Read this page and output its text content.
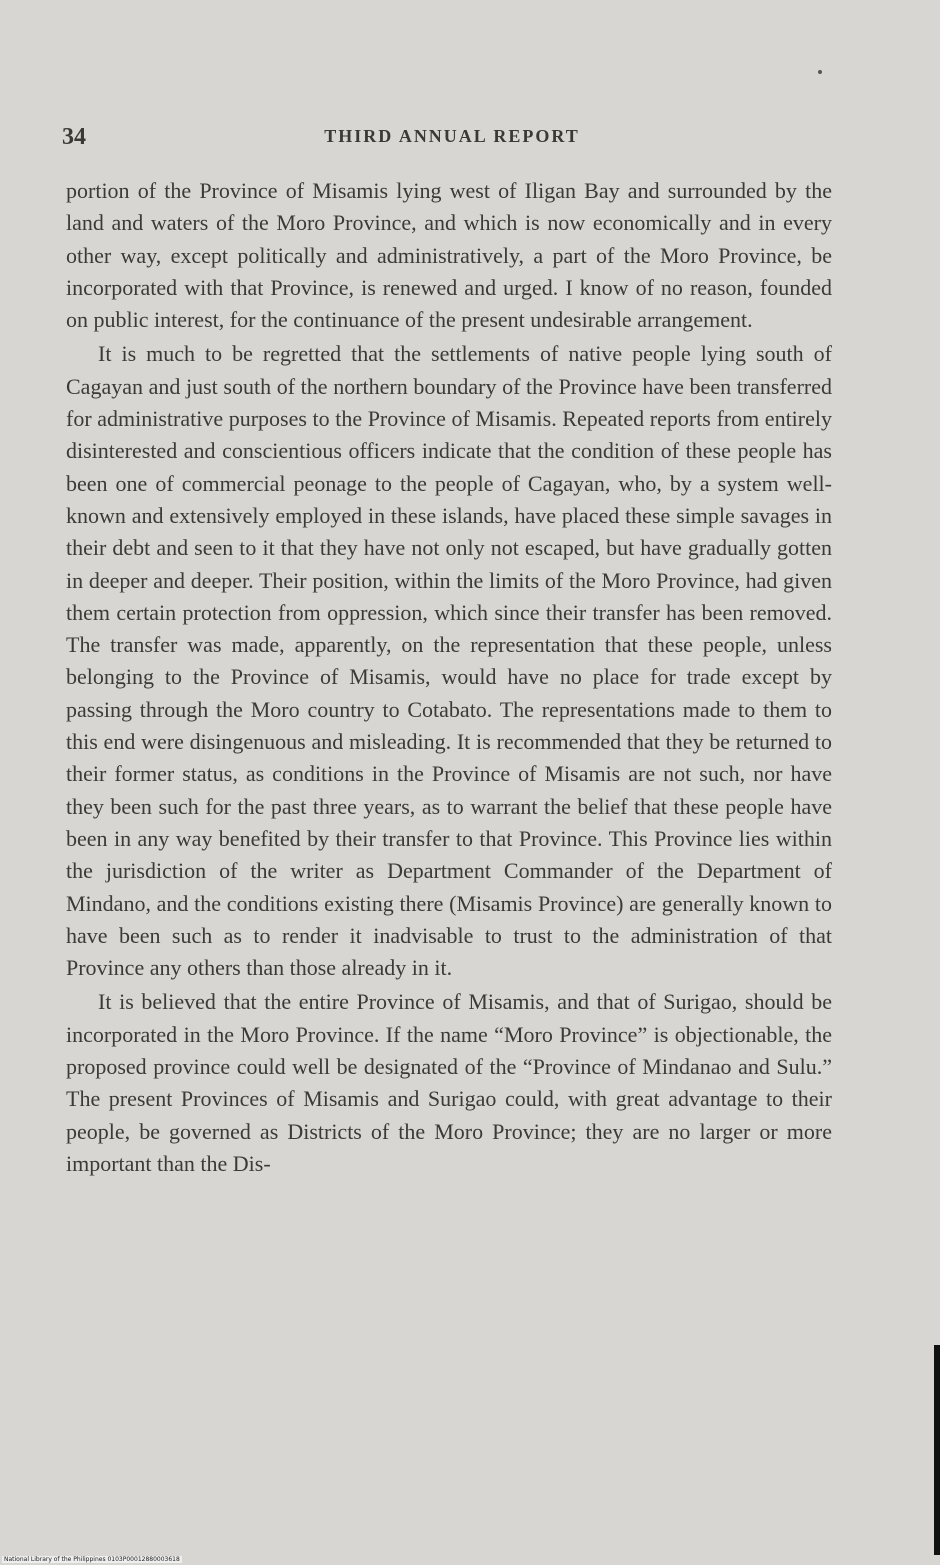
34	THIRD ANNUAL REPORT

portion of the Province of Misamis lying west of Iligan Bay and surrounded by the land and waters of the Moro Province, and which is now economically and in every other way, except politically and administratively, a part of the Moro Province, be incorporated with that Province, is renewed and urged. I know of no reason, founded on public interest, for the continuance of the present undesirable arrangement.

It is much to be regretted that the settlements of native people lying south of Cagayan and just south of the northern boundary of the Province have been transferred for administrative purposes to the Province of Misamis. Repeated reports from entirely disinterested and conscientious officers indicate that the condition of these people has been one of commercial peonage to the people of Cagayan, who, by a system well-known and extensively employed in these islands, have placed these simple savages in their debt and seen to it that they have not only not escaped, but have gradually gotten in deeper and deeper. Their position, within the limits of the Moro Province, had given them certain protection from oppression, which since their transfer has been removed. The transfer was made, apparently, on the representation that these people, unless belonging to the Province of Misamis, would have no place for trade except by passing through the Moro country to Cotabato. The representations made to them to this end were disingenuous and misleading. It is recommended that they be returned to their former status, as conditions in the Province of Misamis are not such, nor have they been such for the past three years, as to warrant the belief that these people have been in any way benefited by their transfer to that Province. This Province lies within the jurisdiction of the writer as Department Commander of the Department of Mindano, and the conditions existing there (Misamis Province) are generally known to have been such as to render it inadvisable to trust to the administration of that Province any others than those already in it.

It is believed that the entire Province of Misamis, and that of Surigao, should be incorporated in the Moro Province. If the name “Moro Province” is objectionable, the proposed province could well be designated of the “Province of Mindanao and Sulu.” The present Provinces of Misamis and Surigao could, with great advantage to their people, be governed as Districts of the Moro Province; they are no larger or more important than the Dis-

National Library of the Philippines 0103P00012880003618
